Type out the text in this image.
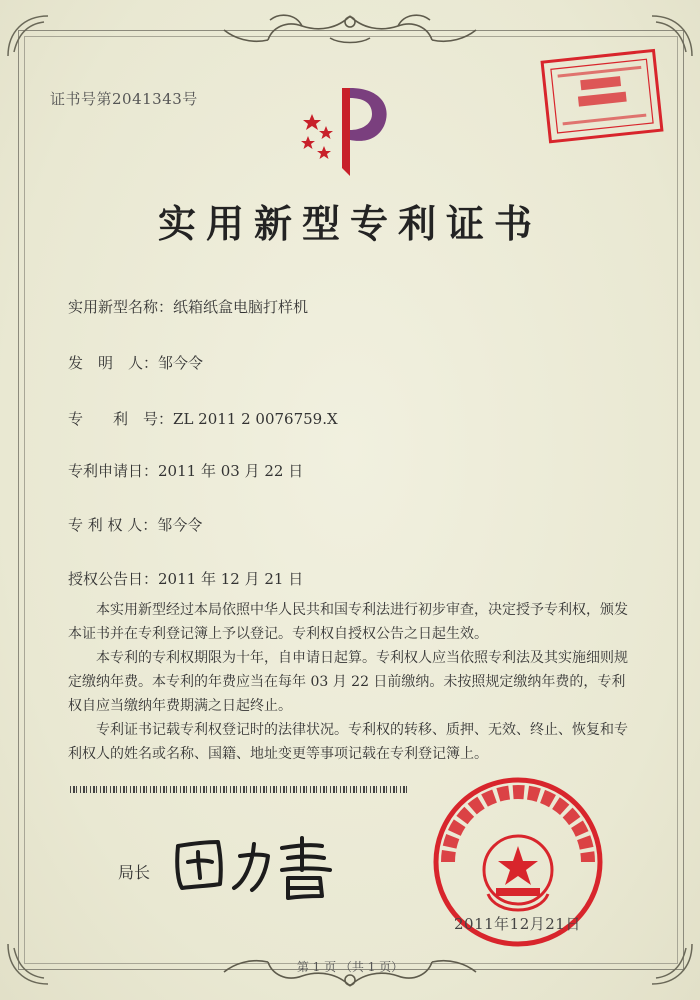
证书号第2041343号
实用新型专利证书
实用新型名称：纸箱纸盒电脑打样机
发　明　人：邹今令
专　　利　号：ZL 2011 2 0076759.X
专利申请日：2011 年 03 月 22 日
专 利 权 人：邹今令
授权公告日：2011 年 12 月 21 日

本实用新型经过本局依照中华人民共和国专利法进行初步审查，决定授予专利权，颁发本证书并在专利登记簿上予以登记。专利权自授权公告之日起生效。

本专利的专利权期限为十年，自申请日起算。专利权人应当依照专利法及其实施细则规定缴纳年费。本专利的年费应当在每年 03 月 22 日前缴纳。未按照规定缴纳年费的，专利权自应当缴纳年费期满之日起终止。

专利证书记载专利权登记时的法律状况。专利权的转移、质押、无效、终止、恢复和专利权人的姓名或名称、国籍、地址变更等事项记载在专利登记簿上。

局长
2011年12月21日
第 1 页 （共 1 页）
